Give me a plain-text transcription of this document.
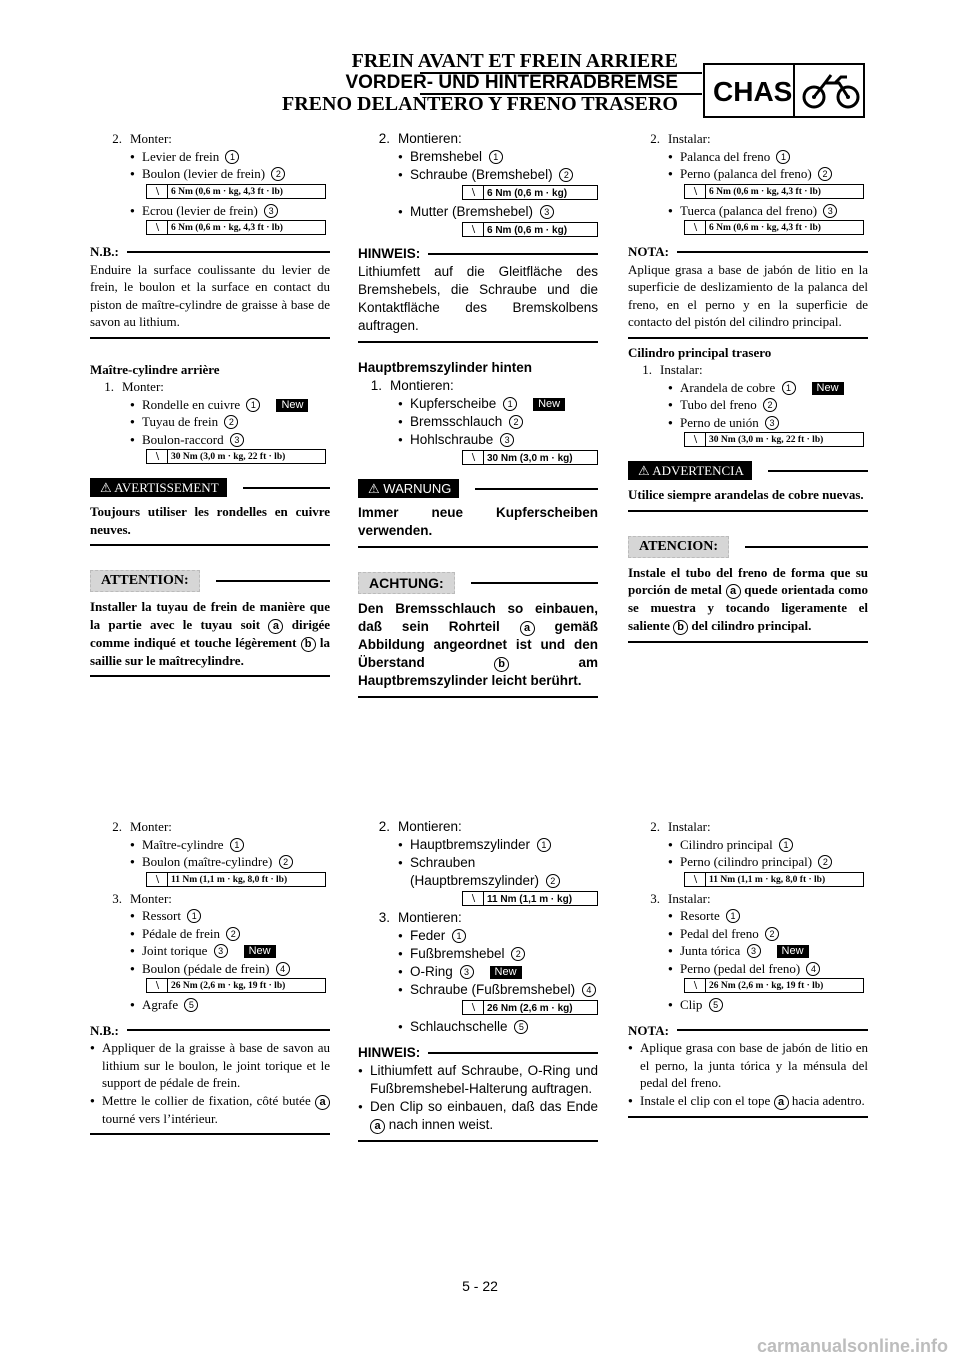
FREIN AVANT ET FREIN ARRIERE
VORDER- UND HINTERRADBREMSE
FRENO DELANTERO Y FRENO TRASERO CHAS
2. Monter:
● Levier de frein 1
● Boulon (levier de frein) 2
∖	6 Nm (0,6 m · kg, 4,3 ft · lb)
● Ecrou (levier de frein) 3
∖	6 Nm (0,6 m · kg, 4,3 ft · lb)
N.B.:
Enduire la surface coulissante du levier de frein, le boulon et la surface en contact du piston de maître-cylindre de graisse à base de savon au lithium.
Maître-cylindre arrière
1. Monter:
● Rondelle en cuivre 1 New
● Tuyau de frein 2
● Boulon-raccord 3
∖	30 Nm (3,0 m · kg, 22 ft · lb)
⚠ AVERTISSEMENT
Toujours utiliser les rondelles en cuivre neuves.
ATTENTION:
Installer la tuyau de frein de manière que la partie avec le tuyau soit a dirigée comme indiqué et touche légèrement b la saillie sur le maîtrecylindre.
2. Montieren:
● Bremshebel 1
● Schraube (Bremshebel) 2
∖	6 Nm (0,6 m · kg)
● Mutter (Bremshebel) 3
∖	6 Nm (0,6 m · kg)
HINWEIS:
Lithiumfett auf die Gleitfläche des Bremshebels, die Schraube und die Kontaktfläche des Bremskolbens auftragen.
Hauptbremszylinder hinten
1. Montieren:
● Kupferscheibe 1 New
● Bremsschlauch 2
● Hohlschraube 3
∖	30 Nm (3,0 m · kg)
⚠ WARNUNG
Immer neue Kupferscheiben verwenden.
ACHTUNG:
Den Bremsschlauch so einbauen, daß sein Rohrteil a gemäß Abbildung angeordnet ist und den Überstand	b	am Hauptbremszylinder leicht berührt.
2. Instalar:
● Palanca del freno 1
● Perno (palanca del freno) 2
∖	6 Nm (0,6 m · kg, 4,3 ft · lb)
● Tuerca (palanca del freno) 3
∖	6 Nm (0,6 m · kg, 4,3 ft · lb)
NOTA:
Aplique grasa a base de jabón de litio en la superficie de deslizamiento de la palanca del freno, en el perno y en la superficie de contacto del pistón del cilindro principal.
Cilindro principal trasero
1. Instalar:
● Arandela de cobre 1 New
● Tubo del freno 2
● Perno de unión 3
∖	30 Nm (3,0 m · kg, 22 ft · lb)
⚠ ADVERTENCIA
Utilice siempre arandelas de cobre nuevas.
ATENCION:
Instale el tubo del freno de forma que su porción de metal a quede orientada como se muestra y tocando ligeramente el saliente b del cilindro principal.
2. Monter:
● Maître-cylindre 1
● Boulon (maître-cylindre) 2
∖	11 Nm (1,1 m · kg, 8,0 ft · lb)
3. Monter:
● Ressort 1
● Pédale de frein 2
● Joint torique 3 New
● Boulon (pédale de frein) 4
∖	26 Nm (2,6 m · kg, 19 ft · lb)
● Agrafe 5
N.B.:
● Appliquer de la graisse à base de savon au lithium sur le boulon, le joint torique et le support de pédale de frein.
● Mettre le collier de fixation, côté butée a tourné vers l’intérieur.
2. Montieren:
● Hauptbremszylinder 1
● Schrauben (Hauptbremszylinder) 2
∖	11 Nm (1,1 m · kg)
3. Montieren:
● Feder 1
● Fußbremshebel 2
● O-Ring 3 New
● Schraube (Fußbremshebel) 4
∖	26 Nm (2,6 m · kg)
● Schlauchschelle 5
HINWEIS:
● Lithiumfett auf Schraube, O-Ring und Fußbremshebel-Halterung auftragen.
● Den Clip so einbauen, daß das Ende a nach innen weist.
2. Instalar:
● Cilindro principal 1
● Perno (cilindro principal) 2
∖	11 Nm (1,1 m · kg, 8,0 ft · lb)
3. Instalar:
● Resorte 1
● Pedal del freno 2
● Junta tórica 3 New
● Perno (pedal del freno) 4
∖	26 Nm (2,6 m · kg, 19 ft · lb)
● Clip 5
NOTA:
● Aplique grasa con base de jabón de litio en el perno, la junta tórica y la ménsula del pedal del freno.
● Instale el clip con el tope a hacia adentro.
5 - 22
carmanualsonline.info
